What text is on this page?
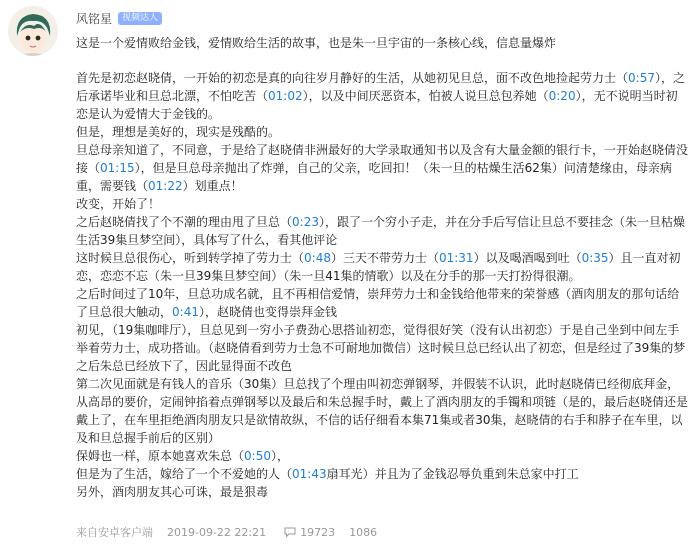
风铭星	视频达人

这是一个爱情败给金钱，爱情败给生活的故事，也是朱一旦宇宙的一条核心线，信息量爆炸

首先是初恋赵晓倩，一开始的初恋是真的向往岁月静好的生活，从她初见旦总，面不改色地捡起劳力士（0:57），之后承诺毕业和旦总北漂，不怕吃苦（01:02），以及中间厌恶资本，怕被人说旦总包养她（0:20），无不说明当时初恋是认为爱情大于金钱的。

但是，理想是美好的，现实是残酷的。

旦总母亲知道了，不同意，于是给了赵晓倩非洲最好的大学录取通知书以及含有大量金额的银行卡，一开始赵晓倩没接（01:15），但是旦总母亲抛出了炸弹，自己的父亲，吃回扣！（朱一旦的枯燥生活62集）问清楚缘由，母亲病重，需要钱（01:22）划重点！

改变，开始了！

之后赵晓倩找了个不潮的理由甩了旦总（0:23），跟了一个穷小子走，并在分手后写信让旦总不要挂念（朱一旦枯燥生活39集旦梦空间），具体写了什么，看其他评论

这时候旦总很伤心，听到转学掉了劳力士（0:48）三天不带劳力士（01:31）以及喝酒喝到吐（0:35）且一直对初恋，恋恋不忘（朱一旦39集旦梦空间）（朱一旦41集的情歌）以及在分手的那一天打扮得很潮。

之后时间过了10年，旦总功成名就，且不再相信爱情，崇拜劳力士和金钱给他带来的荣誉感（酒肉朋友的那句话给了旦总很大触动，0:41），赵晓倩也变得崇拜金钱

初见，（19集咖啡厅），旦总见到一穷小子费劲心思搭讪初恋，觉得很好笑（没有认出初恋）于是自己坐到中间左手举着劳力士，成功搭讪。（赵晓倩看到劳力士急不可耐地加微信）这时候旦总已经认出了初恋，但是经过了39集的梦之后朱总已经放下了，因此显得面不改色

第二次见面就是有钱人的音乐（30集）旦总找了个理由叫初恋弹钢琴，并假装不认识，此时赵晓倩已经彻底拜金，从高昂的要价，定闹钟掐着点弹钢琴以及最后和朱总握手时，戴上了酒肉朋友的手镯和项链（是的，最后赵晓倩还是戴上了，在车里拒绝酒肉朋友只是欲情故纵，不信的话仔细看本集71集或者30集，赵晓倩的右手和脖子在车里，以及和旦总握手前后的区别）

保姆也一样，原本她喜欢朱总（0:50），

但是为了生活，嫁给了一个不爱她的人（01:43扇耳光）并且为了金钱忍辱负重到朱总家中打工

另外，酒肉朋友其心可诛，最是狠毒

来自安卓客户端 2019-09-22 22:21	19723 1086
